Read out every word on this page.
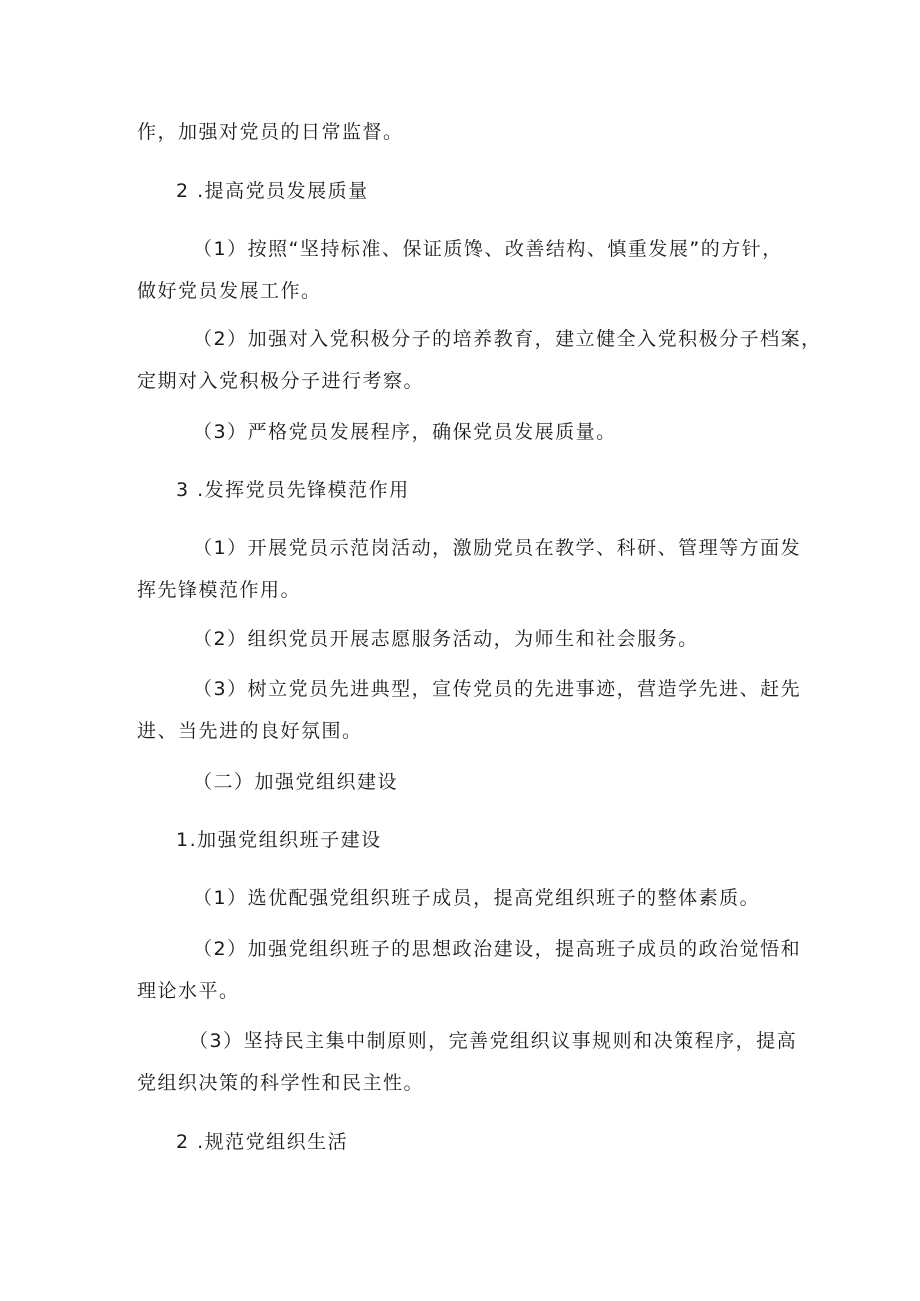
作，加强对党员的日常监督。
2 .提高党员发展质量
（1）按照“坚持标准、保证质馋、改善结构、慎重发展”的方针，
做好党员发展工作。
（2）加强对入党积极分子的培养教育，建立健全入党积极分子档案，
定期对入党积极分子进行考察。
（3）严格党员发展程序，确保党员发展质量。
3 .发挥党员先锋模范作用
（1）开展党员示范岗活动，激励党员在教学、科研、管理等方面发
挥先锋模范作用。
（2）组织党员开展志愿服务活动，为师生和社会服务。
（3）树立党员先进典型，宣传党员的先进事迹，营造学先进、赶先
进、当先进的良好氛围。
（二）加强党组织建设
1.加强党组织班子建设
（1）选优配强党组织班子成员，提高党组织班子的整体素质。
（2）加强党组织班子的思想政治建设，提高班子成员的政治觉悟和
理论水平。
（3）坚持民主集中制原则，完善党组织议事规则和决策程序，提高
党组织决策的科学性和民主性。
2 .规范党组织生活
